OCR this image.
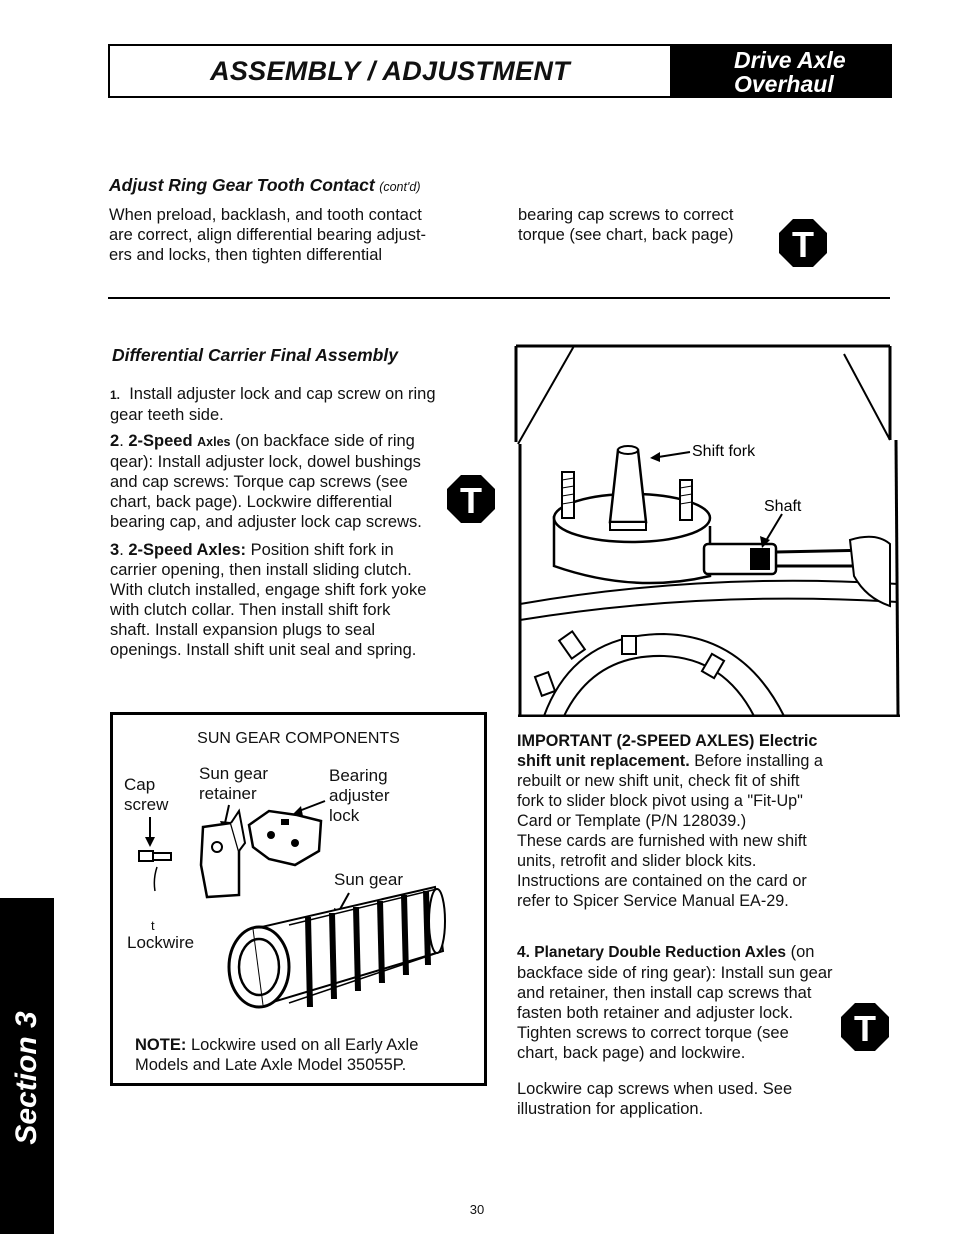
ASSEMBLY / ADJUSTMENT	Drive Axle
Overhaul
Adjust Ring Gear Tooth Contact (cont'd)
When preload, backlash, and tooth contact
are correct, align differential bearing adjust-
ers and locks, then tighten differential
bearing cap screws to correct
torque (see chart, back page)	T
Differential Carrier Final Assembly
1. Install adjuster lock and cap screw on ring
gear teeth side.
2. 2-Speed Axles (on backface side of ring
qear): Install adjuster lock, dowel bushings
and cap screws: Torque cap screws (see
chart, back page). Lockwire differential
bearing cap, and adjuster lock cap screws.
T
3. 2-Speed Axles: Position shift fork in
carrier opening, then install sliding clutch.
With clutch installed, engage shift fork yoke
with clutch collar. Then install shift fork
shaft. Install expansion plugs to seal
openings. Install shift unit seal and spring.
Shift fork
Shaft
SUN GEAR COMPONENTS
Cap
screw
Sun gear
retainer
Bearing
adjuster
lock
Sun gear
Lockwire
t
NOTE: Lockwire used on all Early Axle
Models and Late Axle Model 35055P.
IMPORTANT (2-SPEED AXLES) Electric
shift unit replacement. Before installing a
rebuilt or new shift unit, check fit of shift
fork to slider block pivot using a "Fit-Up"
Card or Template (P/N 128039.)
These cards are furnished with new shift
units, retrofit and slider block kits.
Instructions are contained on the card or
refer to Spicer Service Manual EA-29.
4. Planetary Double Reduction Axles (on
backface side of ring gear): Install sun gear
and retainer, then install cap screws that
fasten both retainer and adjuster lock.
Tighten screws to correct torque (see
chart, back page) and lockwire.
T
Lockwire cap screws when used. See
illustration for application.
Section 3
30
